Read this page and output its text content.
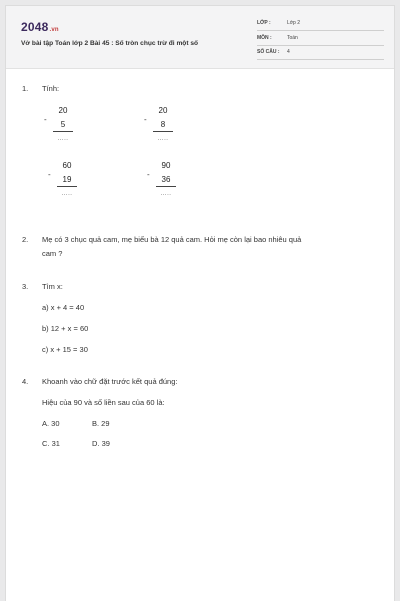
2048.vn
Vở bài tập Toán lớp 2 Bài 45 : Số tròn chục trừ đi một số
LỚP :	Lớp 2
MÔN :	Toán
SỐ CÂU : 4
1. Tính:
-
20
5
.....
-
20
8
.....
-
60
19
.....
-
90
36
.....
2. Mẹ có 3 chục quả cam, mẹ biếu bà 12 quả cam. Hỏi mẹ còn lại bao nhiêu quả
cam ?
3. Tìm x:
a) x + 4 = 40
b) 12 + x = 60
c) x + 15 = 30
4. Khoanh vào chữ đặt trước kết quả đúng:
Hiệu của 90 và số liền sau của 60 là:
A. 30	B. 29
C. 31	D. 39
